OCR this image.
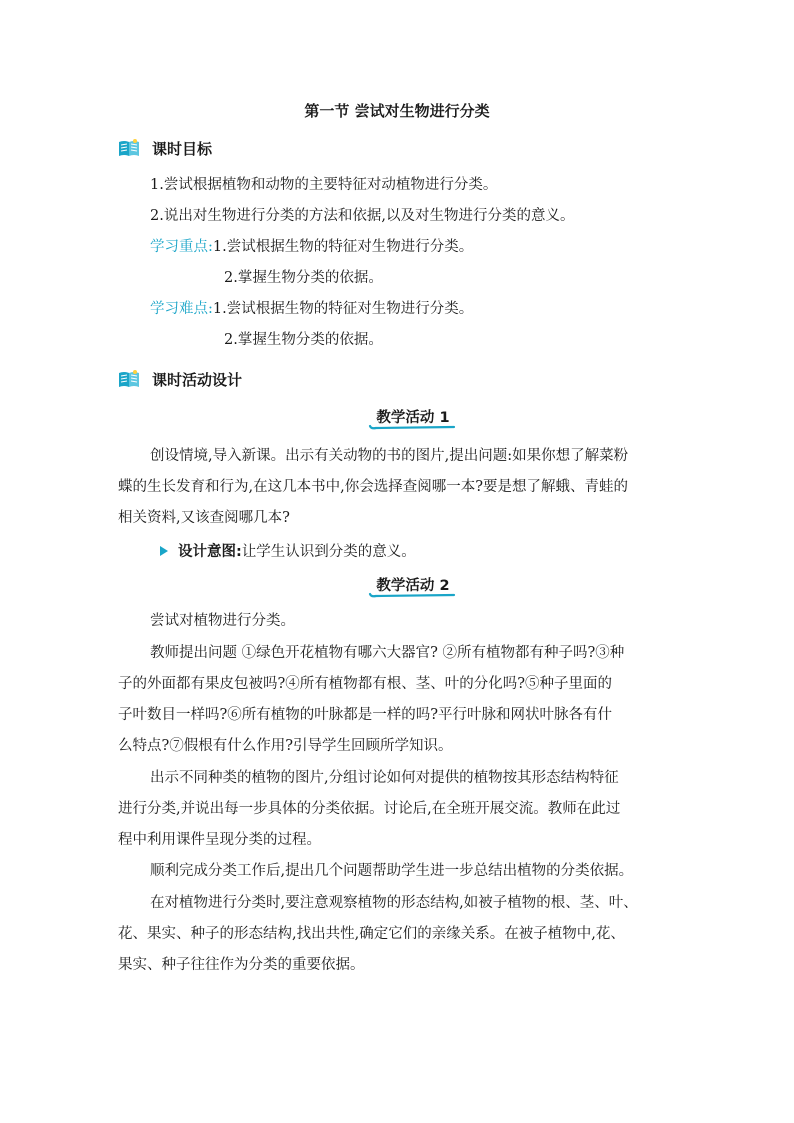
第一节 尝试对生物进行分类
课时目标
1.尝试根据植物和动物的主要特征对动植物进行分类。
2.说出对生物进行分类的方法和依据,以及对生物进行分类的意义。
学习重点:1.尝试根据生物的特征对生物进行分类。
2.掌握生物分类的依据。
学习难点:1.尝试根据生物的特征对生物进行分类。
2.掌握生物分类的依据。
课时活动设计
教学活动 1
创设情境,导入新课。出示有关动物的书的图片,提出问题:如果你想了解菜粉
蝶的生长发育和行为,在这几本书中,你会选择查阅哪一本?要是想了解蛾、青蛙的
相关资料,又该查阅哪几本?
设计意图: 让学生认识到分类的意义。
教学活动 2
尝试对植物进行分类。
教师提出问题 ①绿色开花植物有哪六大器官? ②所有植物都有种子吗?③种
子的外面都有果皮包被吗?④所有植物都有根、茎、叶的分化吗?⑤种子里面的
子叶数目一样吗?⑥所有植物的叶脉都是一样的吗?平行叶脉和网状叶脉各有什
么特点?⑦假根有什么作用?引导学生回顾所学知识。
出示不同种类的植物的图片,分组讨论如何对提供的植物按其形态结构特征
进行分类,并说出每一步具体的分类依据。讨论后,在全班开展交流。教师在此过
程中利用课件呈现分类的过程。
顺利完成分类工作后,提出几个问题帮助学生进一步总结出植物的分类依据。
在对植物进行分类时,要注意观察植物的形态结构,如被子植物的根、茎、叶、
花、果实、种子的形态结构,找出共性,确定它们的亲缘关系。在被子植物中,花、
果实、种子往往作为分类的重要依据。
